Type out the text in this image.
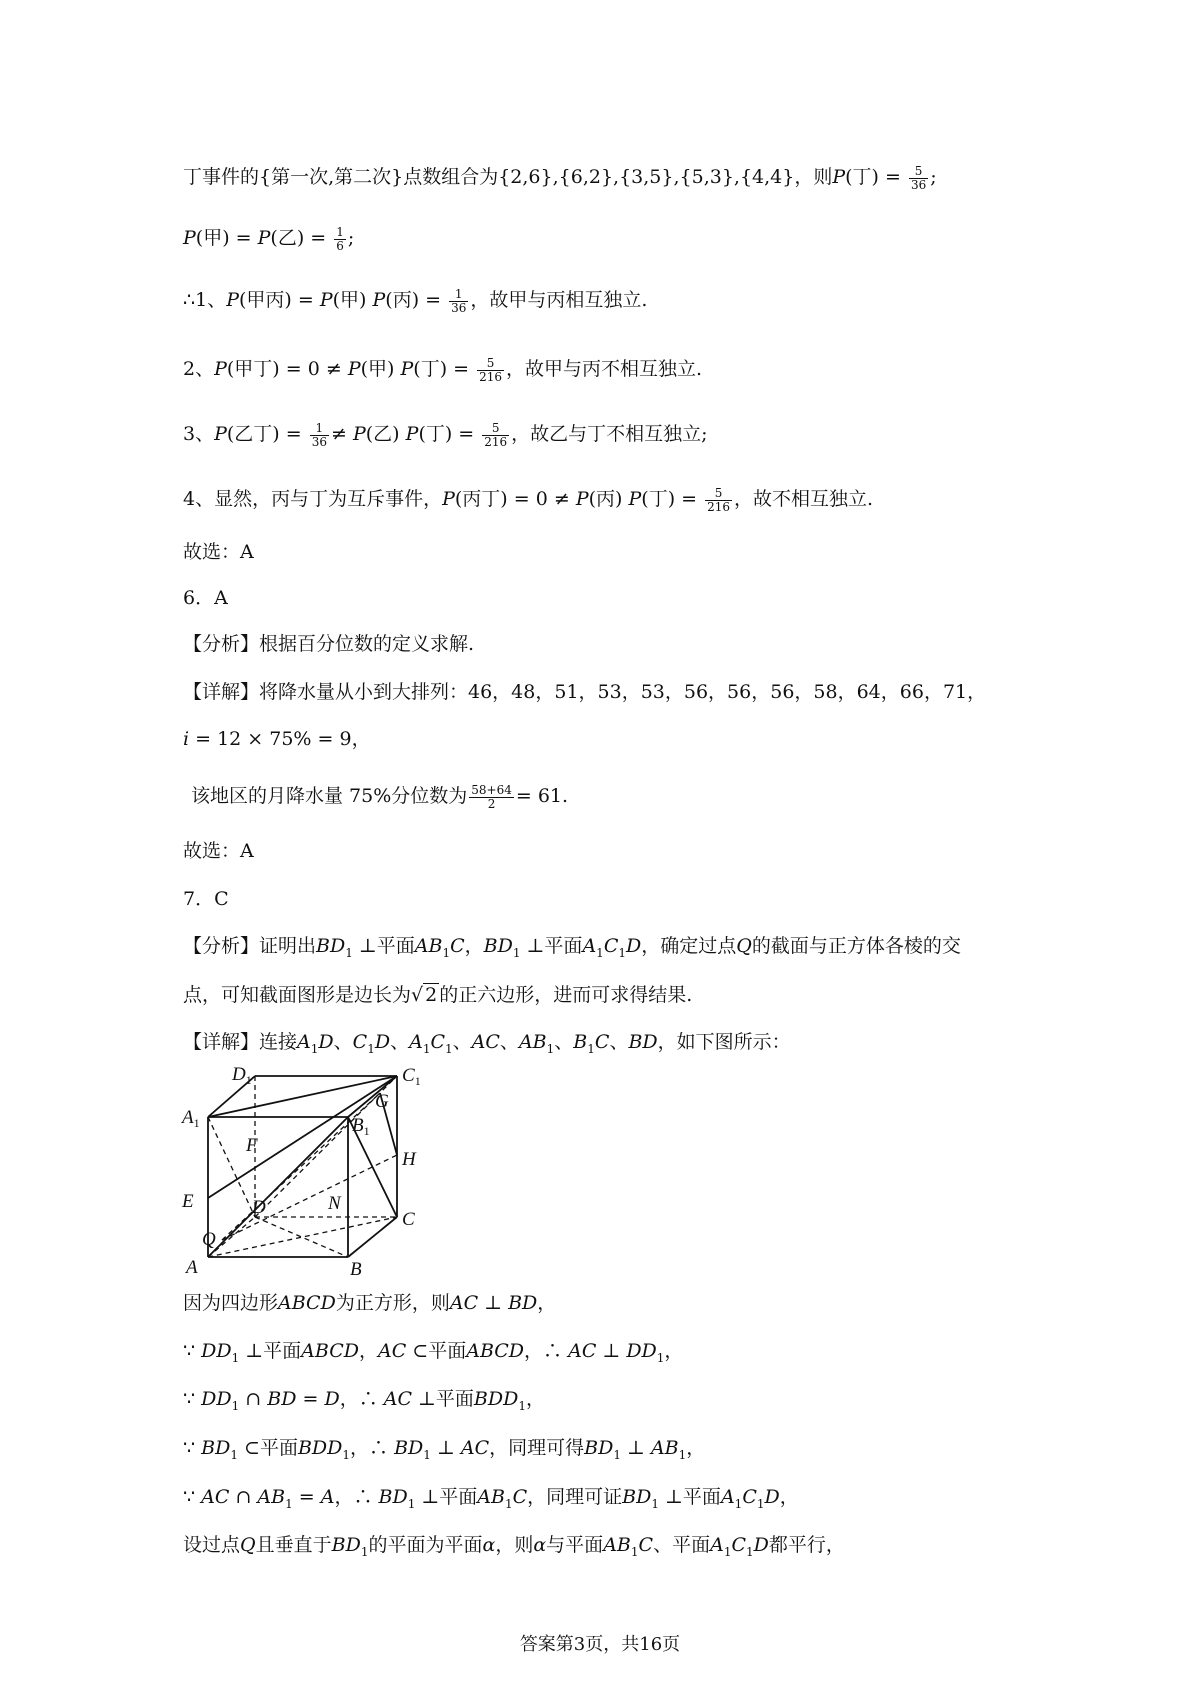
丁事件的{第一次,第二次}点数组合为{2,6},{6,2},{3,5},{5,3},{4,4}，则P(丁) = $\frac{5}{36}$ ;
P(甲) = P(乙) = $\frac{1}{6}$ ;
∴1、P(甲丙) = P(甲) P(丙) = $\frac{1}{36}$ ，故甲与丙相互独立.
2、P(甲丁) = 0 ≠ P(甲) P(丁) = $\frac{5}{216}$ ，故甲与丙不相互独立.
3、P(乙丁) = $\frac{1}{36} \ne P$(乙) P(丁) = $\frac{5}{216}$ ，故乙与丁不相互独立;
4、显然，丙与丁为互斥事件，P(丙丁) = 0 ≠ P(丙) P(丁) = $\frac{5}{216}$ ，故不相互独立.
故选：A
6．A
【分析】根据百分位数的定义求解.
【详解】将降水量从小到大排列：46，48，51，53，53，56，56，56，58，64，66，71，
i = 12 × 75% = 9，
该地区的月降水量 75%分位数为 $\frac{58+64}{2} = 61$.
故选：A
7．C
【分析】证明出$BD_1$ ⊥平面$AB_1C$，$BD_1$ ⊥平面$A_1C_1D$，确定过点Q的截面与正方体各棱的交
点，可知截面图形是边长为√ 2 的正六边形，进而可求得结果.
【详解】连接$A_1D$、$C_1D$、$A_1C_1$、AC、$AB_1$、$B_1C$、BD，如下图所示：
$D_1$	$C_1$
$A_1$
G
$B_1$
F
H
E	D	N
C
Q
A	B
因为四边形ABCD为正方形，则AC ⊥ BD，
∵ $DD_1$ ⊥平面ABCD，AC ⊂平面ABCD，∴ AC ⊥ $DD_1$，
∵ $DD_1$ ∩ BD = D，∴ AC ⊥平面$BDD_1$，
∵ $BD_1$ ⊂平面$BDD_1$，∴ $BD_1$ ⊥ AC，同理可得$BD_1$ ⊥ $AB_1$，
∵ AC ∩ $AB_1 = A$，∴ $BD_1$ ⊥平面$AB_1C$，同理可证$BD_1$ ⊥平面$A_1C_1D$，
设过点Q且垂直于$BD_1$的平面为平面α，则α与平面$AB_1C$、平面$A_1C_1D$都平行，
答案第3页，共16页
